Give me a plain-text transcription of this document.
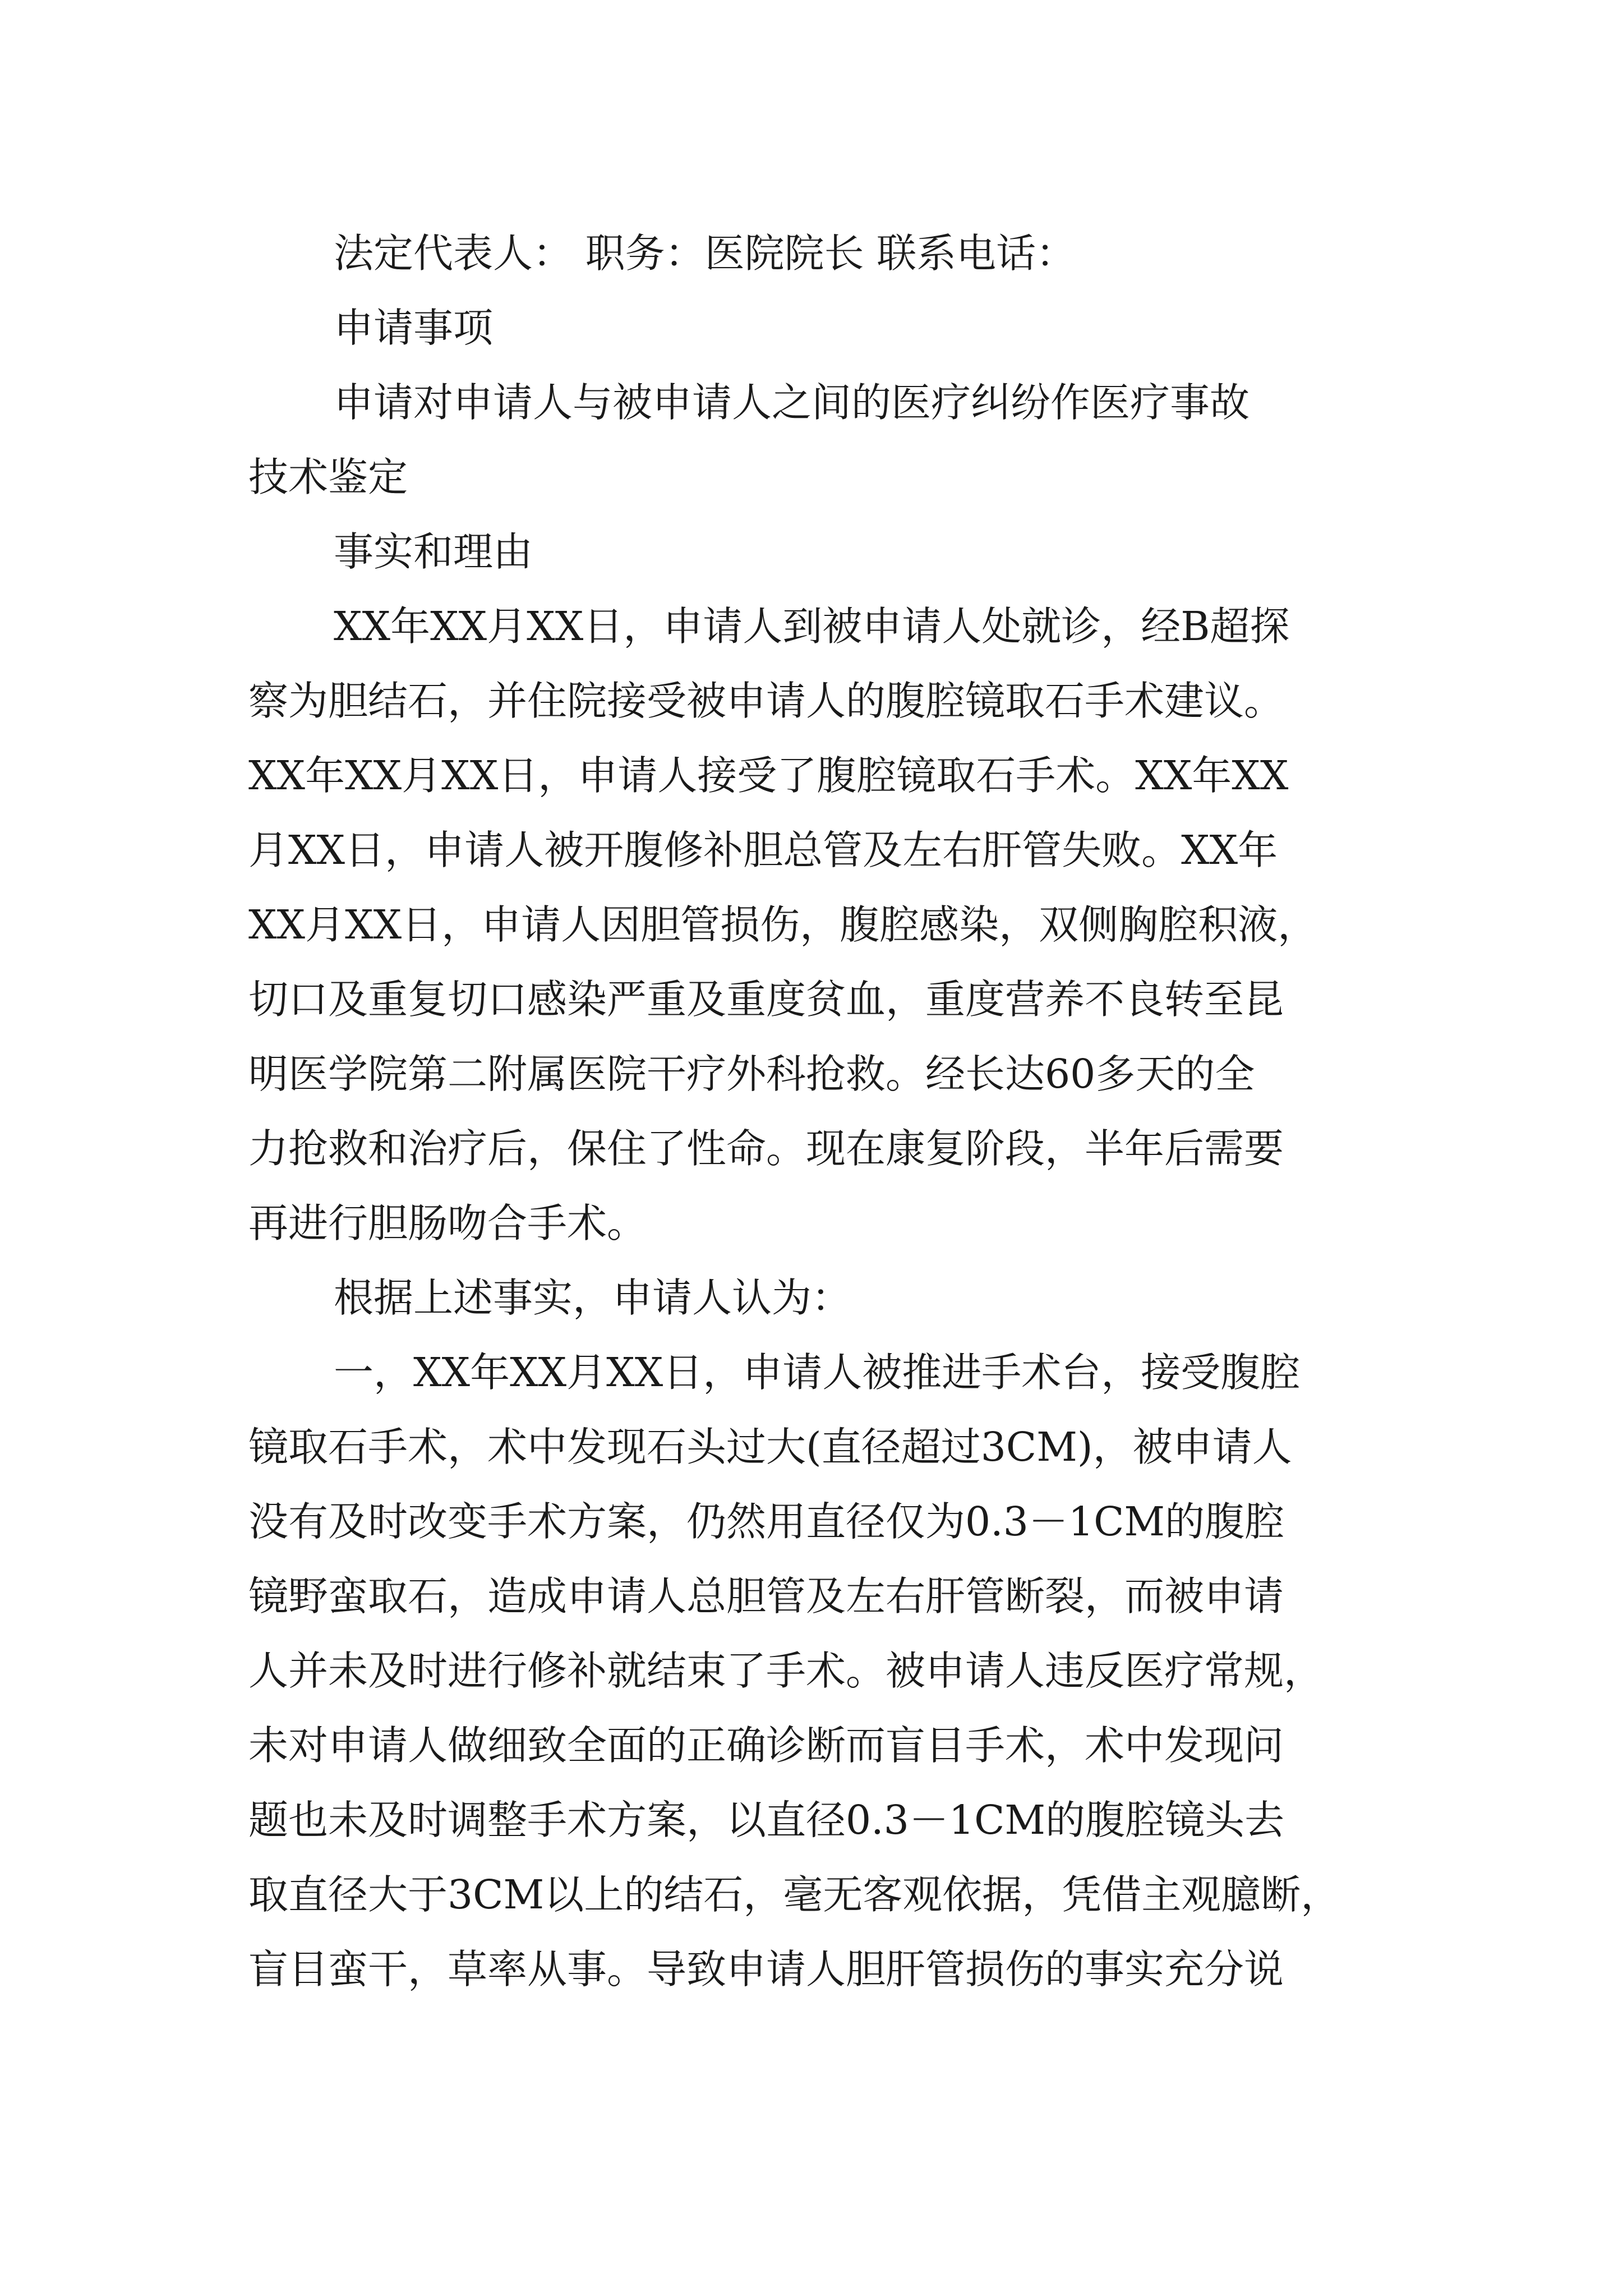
法定代表人： 职务：医院院长 联系电话：
申请事项
申请对申请人与被申请人之间的医疗纠纷作医疗事故
技术鉴定
事实和理由
XX年XX月XX日，申请人到被申请人处就诊，经B超探
察为胆结石，并住院接受被申请人的腹腔镜取石手术建议。
XX年XX月XX日，申请人接受了腹腔镜取石手术。XX年XX
月XX日，申请人被开腹修补胆总管及左右肝管失败。XX年
XX月XX日，申请人因胆管损伤，腹腔感染，双侧胸腔积液，
切口及重复切口感染严重及重度贫血，重度营养不良转至昆
明医学院第二附属医院干疗外科抢救。经长达60多天的全
力抢救和治疗后，保住了性命。现在康复阶段，半年后需要
再进行胆肠吻合手术。
根据上述事实，申请人认为：
一，XX年XX月XX日，申请人被推进手术台，接受腹腔
镜取石手术，术中发现石头过大(直径超过3CM)，被申请人
没有及时改变手术方案，仍然用直径仅为0.3－1CM的腹腔
镜野蛮取石，造成申请人总胆管及左右肝管断裂，而被申请
人并未及时进行修补就结束了手术。被申请人违反医疗常规，
未对申请人做细致全面的正确诊断而盲目手术，术中发现问
题也未及时调整手术方案，以直径0.3－1CM的腹腔镜头去
取直径大于3CM以上的结石，毫无客观依据，凭借主观臆断，
盲目蛮干，草率从事。导致申请人胆肝管损伤的事实充分说
